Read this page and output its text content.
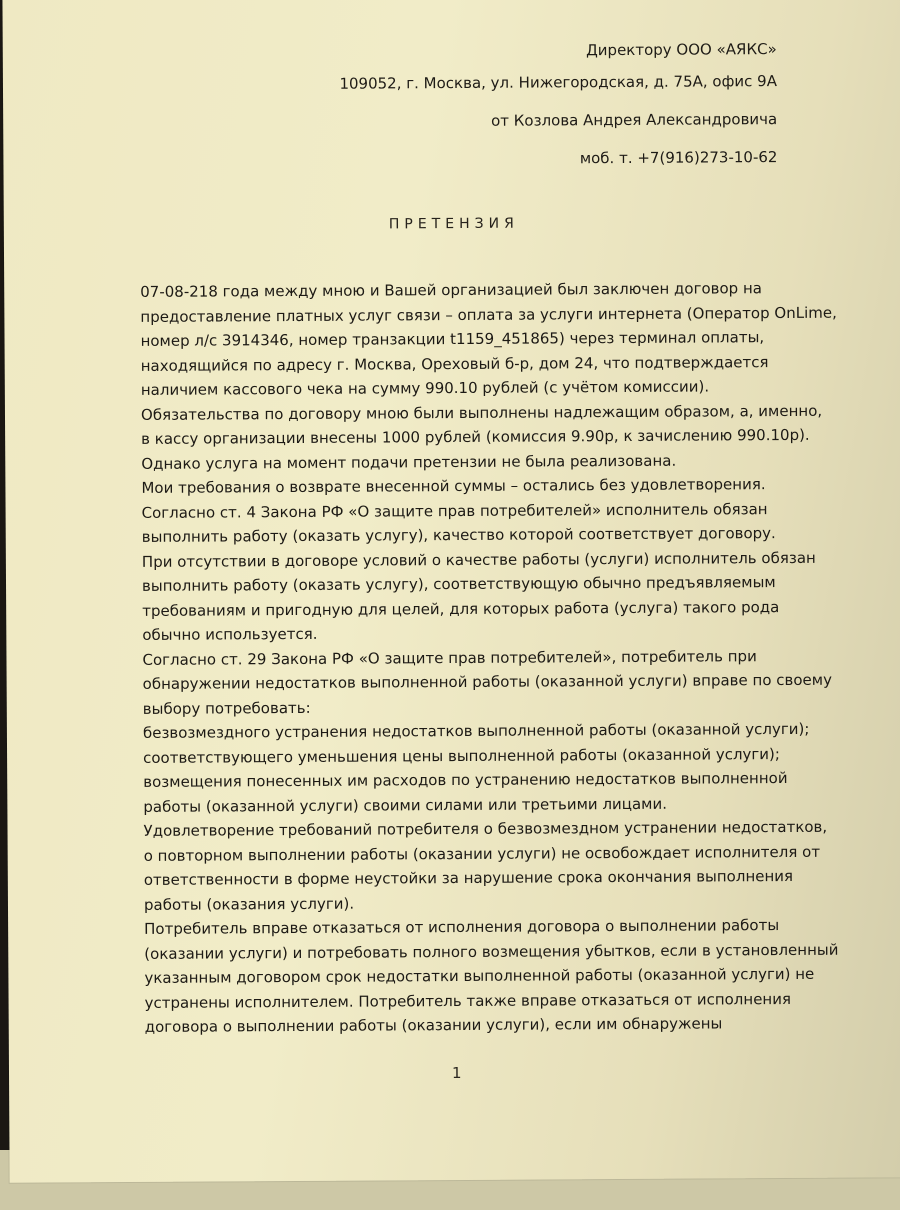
Директору ООО «АЯКС»
109052, г. Москва, ул. Нижегородская, д. 75А, офис 9А
от Козлова Андрея Александровича
моб. т. +7(916)273-10-62
ПРЕТЕНЗИЯ
07-08-218 года между мною и Вашей организацией был заключен договор на
предоставление платных услуг связи – оплата за услуги интернета (Оператор OnLime,
номер л/с 3914346, номер транзакции t1159_451865) через терминал оплаты,
находящийся по адресу г. Москва, Ореховый б-р, дом 24, что подтверждается
наличием кассового чека на сумму 990.10 рублей (с учётом комиссии).
Обязательства по договору мною были выполнены надлежащим образом, а, именно,
в кассу организации внесены 1000 рублей (комиссия 9.90р, к зачислению 990.10р).
Однако услуга на момент подачи претензии не была реализована.
Мои требования о возврате внесенной суммы – остались без удовлетворения.
Согласно ст. 4 Закона РФ «О защите прав потребителей» исполнитель обязан
выполнить работу (оказать услугу), качество которой соответствует договору.
При отсутствии в договоре условий о качестве работы (услуги) исполнитель обязан
выполнить работу (оказать услугу), соответствующую обычно предъявляемым
требованиям и пригодную для целей, для которых работа (услуга) такого рода
обычно используется.
Согласно ст. 29 Закона РФ «О защите прав потребителей», потребитель при
обнаружении недостатков выполненной работы (оказанной услуги) вправе по своему
выбору потребовать:
безвозмездного устранения недостатков выполненной работы (оказанной услуги);
соответствующего уменьшения цены выполненной работы (оказанной услуги);
возмещения понесенных им расходов по устранению недостатков выполненной
работы (оказанной услуги) своими силами или третьими лицами.
Удовлетворение требований потребителя о безвозмездном устранении недостатков,
о повторном выполнении работы (оказании услуги) не освобождает исполнителя от
ответственности в форме неустойки за нарушение срока окончания выполнения
работы (оказания услуги).
Потребитель вправе отказаться от исполнения договора о выполнении работы
(оказании услуги) и потребовать полного возмещения убытков, если в установленный
указанным договором срок недостатки выполненной работы (оказанной услуги) не
устранены исполнителем. Потребитель также вправе отказаться от исполнения
договора о выполнении работы (оказании услуги), если им обнаружены
1
